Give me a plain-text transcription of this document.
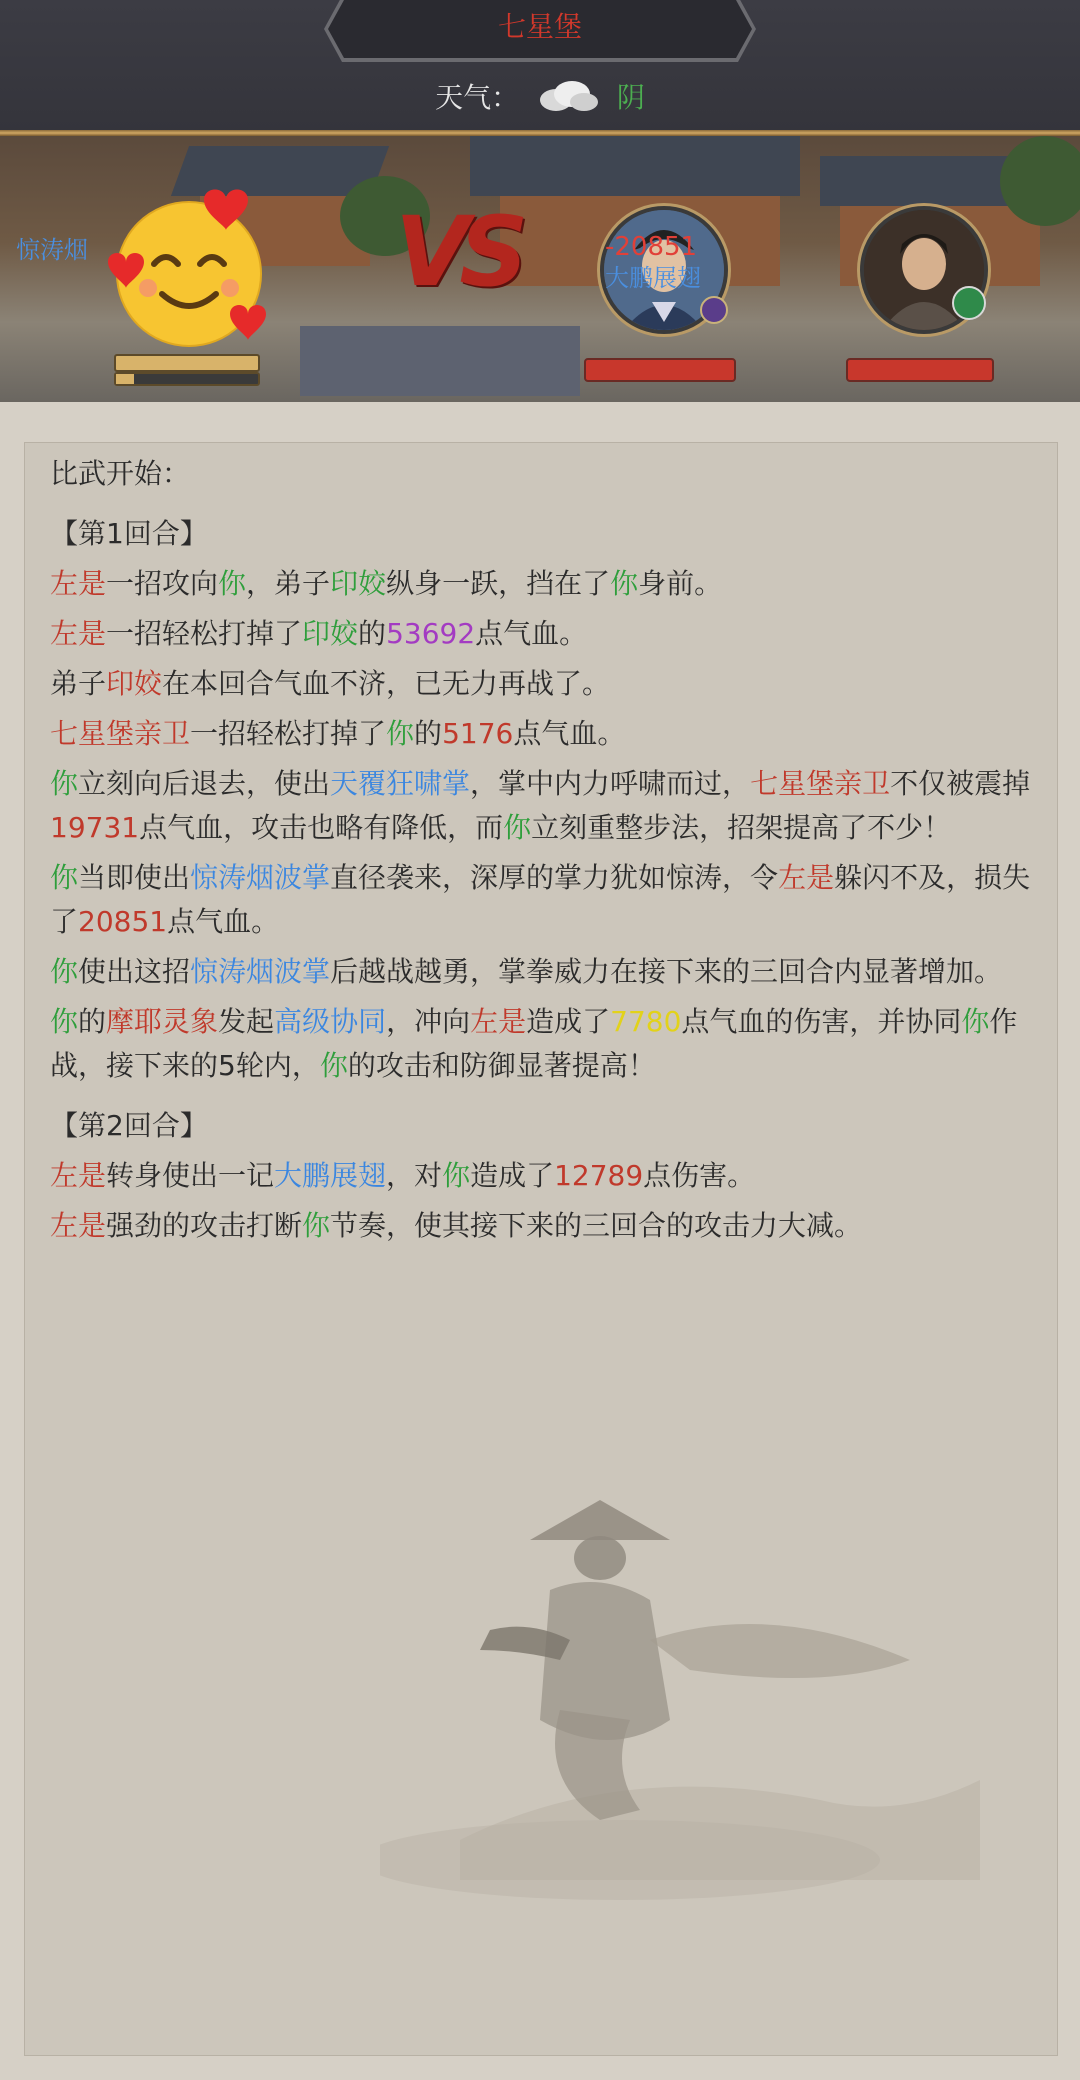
七星堡
天气：	阴
惊涛烟	VS	-20851
大鹏展翅

比武开始：

【第1回合】

左是一招攻向你，弟子印姣纵身一跃，挡在了你身前。

左是一招轻松打掉了印姣的53692点气血。

弟子印姣在本回合气血不济，已无力再战了。

七星堡亲卫一招轻松打掉了你的5176点气血。

你立刻向后退去，使出天覆狂啸掌，掌中内力呼啸而过，七星堡亲卫不仅被震掉19731点气血，攻击也略有降低，而你立刻重整步法，招架提高了不少！

你当即使出惊涛烟波掌直径袭来，深厚的掌力犹如惊涛，令左是躲闪不及，损失了20851点气血。

你使出这招惊涛烟波掌后越战越勇，掌拳威力在接下来的三回合内显著增加。

你的摩耶灵象发起高级协同，冲向左是造成了7780点气血的伤害，并协同你作战，接下来的5轮内，你的攻击和防御显著提高！

【第2回合】

左是转身使出一记大鹏展翅，对你造成了12789点伤害。

左是强劲的攻击打断你节奏，使其接下来的三回合的攻击力大减。
